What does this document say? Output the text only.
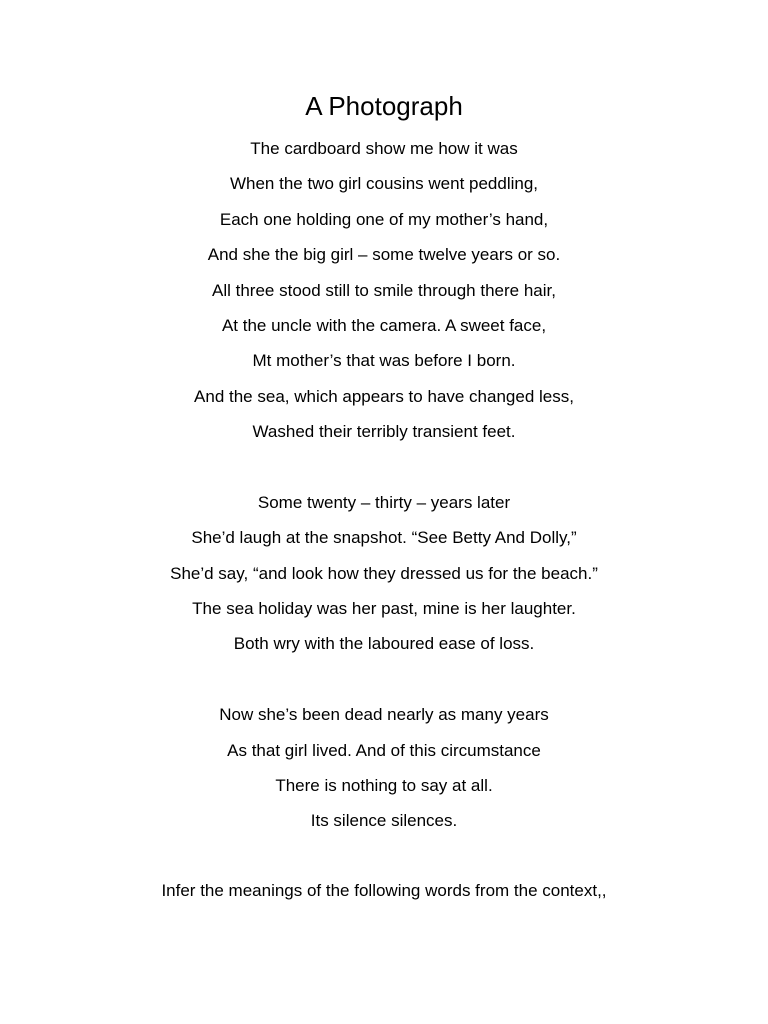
A Photograph
The cardboard show me how it was
When the two girl cousins went peddling,
Each one holding one of my mother’s hand,
And she the big girl – some twelve years or so.
All three stood still to smile through there hair,
At the uncle with the camera. A sweet face,
Mt mother’s that was before I born.
And the sea, which appears to have changed less,
Washed their terribly transient feet.
Some twenty – thirty – years later
She’d laugh at the snapshot. “See Betty And Dolly,”
She’d say, “and look how they dressed us for the beach.”
The sea holiday was her past, mine is her laughter.
Both wry with the laboured ease of loss.
Now she’s been dead nearly as many years
As that girl lived. And of this circumstance
There is nothing to say at all.
Its silence silences.
Infer the meanings of the following words from the context,,
